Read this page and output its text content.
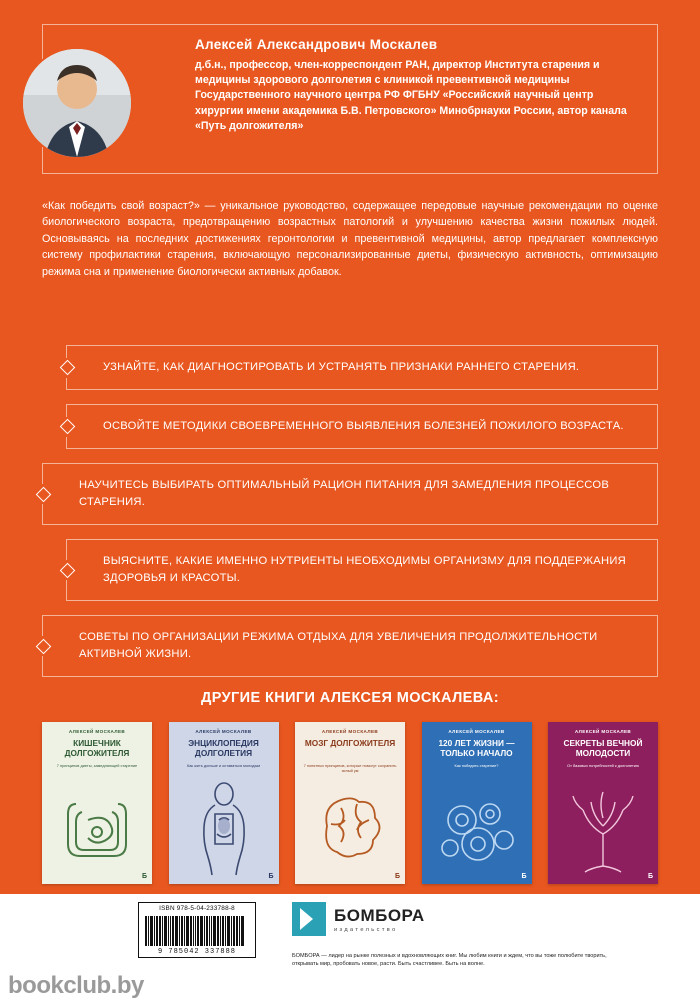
Алексей Александрович Москалев
д.б.н., профессор, член-корреспондент РАН, директор Института старения и медицины здорового долголетия с клиникой превентивной медицины Государственного научного центра РФ ФГБНУ «Российский научный центр хирургии имени академика Б.В. Петровского» Минобрнауки России, автор канала «Путь долгожителя»
«Как победить свой возраст?» — уникальное руководство, содержащее передовые научные рекомендации по оценке биологического возраста, предотвращению возрастных патологий и улучшению качества жизни пожилых людей. Основываясь на последних достижениях геронтологии и превентивной медицины, автор предлагает комплексную систему профилактики старения, включающую персонализированные диеты, физическую активность, оптимизацию режима сна и применение биологически активных добавок.
УЗНАЙТЕ, КАК ДИАГНОСТИРОВАТЬ И УСТРАНЯТЬ ПРИЗНАКИ РАННЕГО СТАРЕНИЯ.
ОСВОЙТЕ МЕТОДИКИ СВОЕВРЕМЕННОГО ВЫЯВЛЕНИЯ БОЛЕЗНЕЙ ПОЖИЛОГО ВОЗРАСТА.
НАУЧИТЕСЬ ВЫБИРАТЬ ОПТИМАЛЬНЫЙ РАЦИОН ПИТАНИЯ ДЛЯ ЗАМЕДЛЕНИЯ ПРОЦЕССОВ СТАРЕНИЯ.
ВЫЯСНИТЕ, КАКИЕ ИМЕННО НУТРИЕНТЫ НЕОБХОДИМЫ ОРГАНИЗМУ ДЛЯ ПОДДЕРЖАНИЯ ЗДОРОВЬЯ И КРАСОТЫ.
СОВЕТЫ ПО ОРГАНИЗАЦИИ РЕЖИМА ОТДЫХА ДЛЯ УВЕЛИЧЕНИЯ ПРОДОЛЖИТЕЛЬНОСТИ АКТИВНОЙ ЖИЗНИ.
ДРУГИЕ КНИГИ АЛЕКСЕЯ МОСКАЛЕВА:
АЛЕКСЕЙ МОСКАЛЕВ
КИШЕЧНИК ДОЛГОЖИТЕЛЯ
7 принципов диеты, замедляющей старение
Б
АЛЕКСЕЙ МОСКАЛЕВ
ЭНЦИКЛОПЕДИЯ ДОЛГОЛЕТИЯ
Как жить дольше и оставаться молодым
Б
АЛЕКСЕЙ МОСКАЛЕВ
МОЗГ ДОЛГОЖИТЕЛЯ
7 понятных принципов, которые помогут сохранить ясный ум
Б
АЛЕКСЕЙ МОСКАЛЕВ
120 ЛЕТ ЖИЗНИ — ТОЛЬКО НАЧАЛО
Как победить старение?
Б
АЛЕКСЕЙ МОСКАЛЕВ
СЕКРЕТЫ ВЕЧНОЙ МОЛОДОСТИ
От базовых потребностей к долголетию
Б
ISBN 978-5-04-233788-8
9 785042 337888
БОМБОРА
издательство
БОМБОРА — лидер на рынке полезных и вдохновляющих книг. Мы любим книги и ждем, что вы тоже полюбите творить, открывать мир, пробовать новое, расти. Быть счастливее. Быть на волне.
bookclub.by
